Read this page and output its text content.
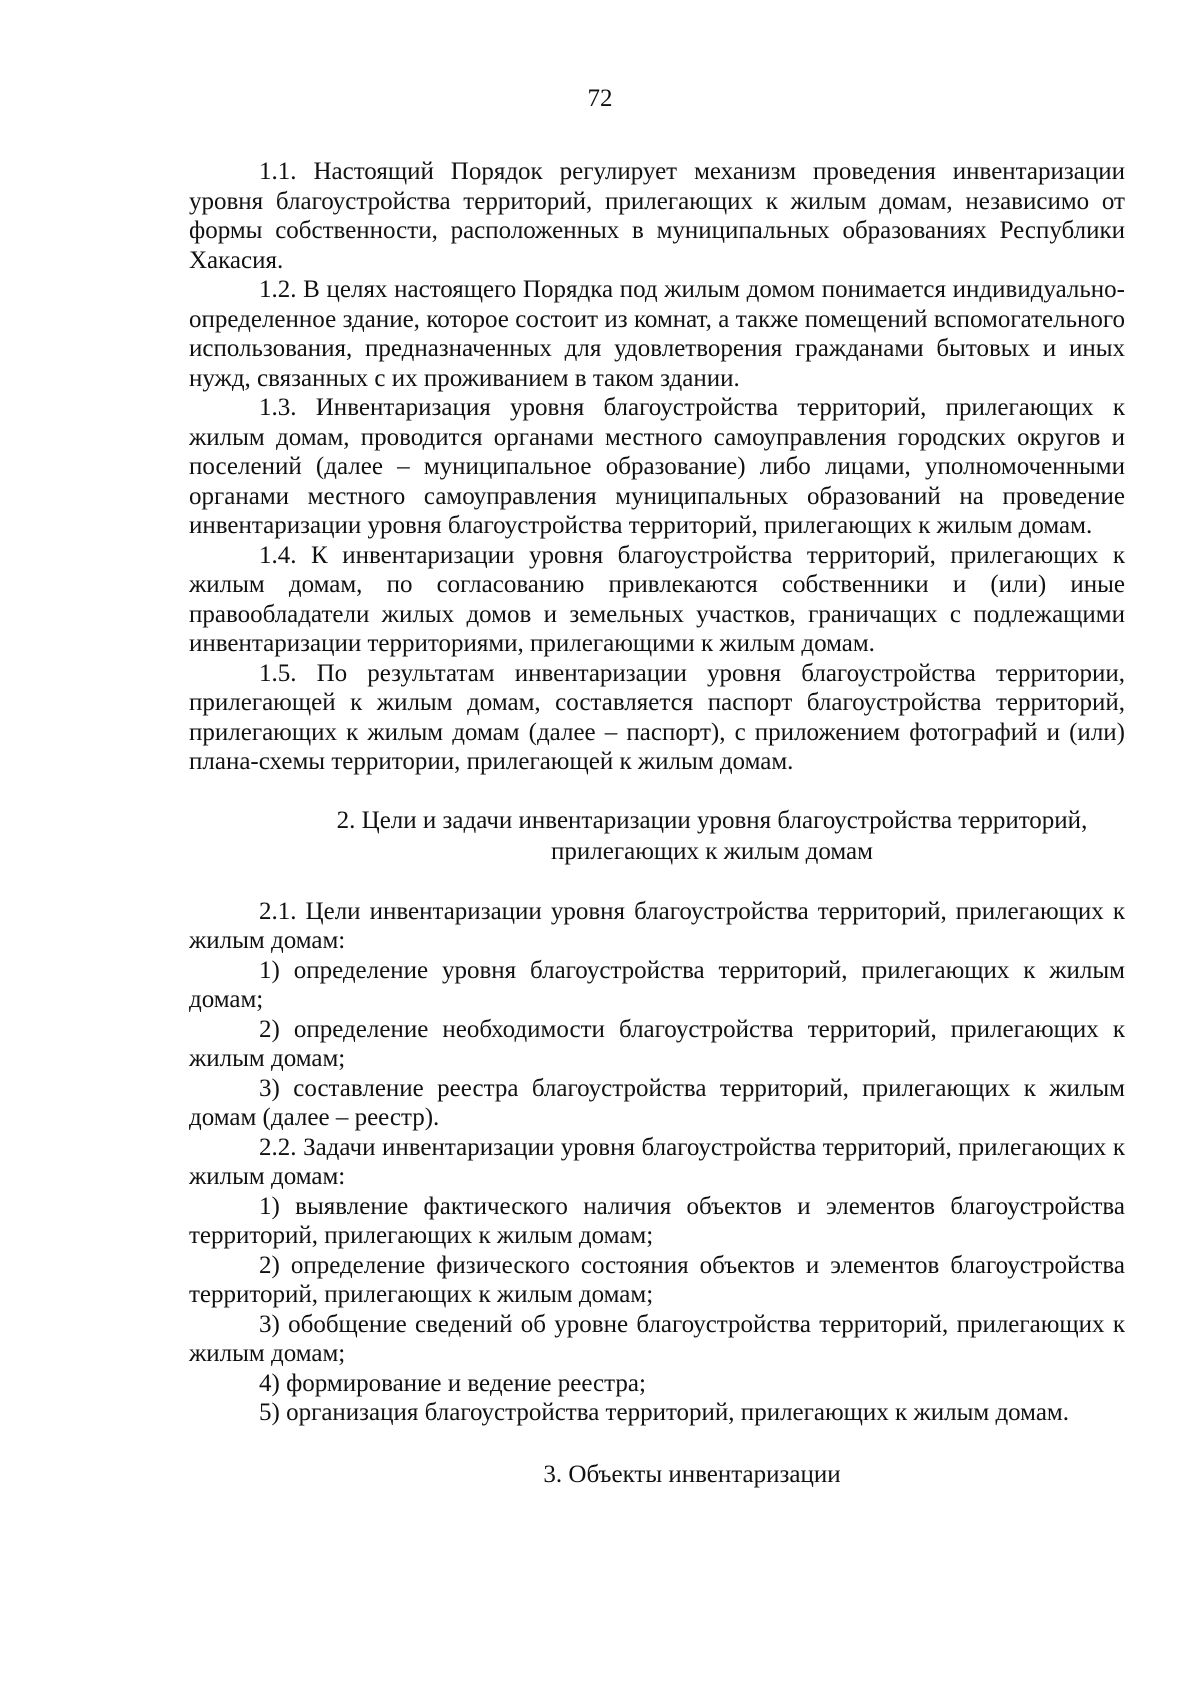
72

1.1. Настоящий Порядок регулирует механизм проведения инвентаризации уровня благоустройства территорий, прилегающих к жилым домам, независимо от формы собственности, расположенных в муниципальных образованиях Республики Хакасия.

1.2. В целях настоящего Порядка под жилым домом понимается индивидуально-определенное здание, которое состоит из комнат, а также помещений вспомогательного использования, предназначенных для удовлетворения гражданами бытовых и иных нужд, связанных с их проживанием в таком здании.

1.3. Инвентаризация уровня благоустройства территорий, прилегающих к жилым домам, проводится органами местного самоуправления городских округов и поселений (далее – муниципальное образование) либо лицами, уполномоченными органами местного самоуправления муниципальных образований на проведение инвентаризации уровня благоустройства территорий, прилегающих к жилым домам.

1.4. К инвентаризации уровня благоустройства территорий, прилегающих к жилым домам, по согласованию привлекаются собственники и (или) иные правообладатели жилых домов и земельных участков, граничащих с подлежащими инвентаризации территориями, прилегающими к жилым домам.

1.5. По результатам инвентаризации уровня благоустройства территории, прилегающей к жилым домам, составляется паспорт благоустройства территорий, прилегающих к жилым домам (далее – паспорт), с приложением фотографий и (или) плана-схемы территории, прилегающей к жилым домам.

2. Цели и задачи инвентаризации уровня благоустройства территорий,
прилегающих к жилым домам

2.1. Цели инвентаризации уровня благоустройства территорий, прилегающих к жилым домам:

1) определение уровня благоустройства территорий, прилегающих к жилым домам;

2) определение необходимости благоустройства территорий, прилегающих к жилым домам;

3) составление реестра благоустройства территорий, прилегающих к жилым домам (далее – реестр).

2.2. Задачи инвентаризации уровня благоустройства территорий, прилегающих к жилым домам:

1) выявление фактического наличия объектов и элементов благоустройства территорий, прилегающих к жилым домам;

2) определение физического состояния объектов и элементов благоустройства территорий, прилегающих к жилым домам;

3) обобщение сведений об уровне благоустройства территорий, прилегающих к жилым домам;

4) формирование и ведение реестра;

5) организация благоустройства территорий, прилегающих к жилым домам.

3. Объекты инвентаризации
